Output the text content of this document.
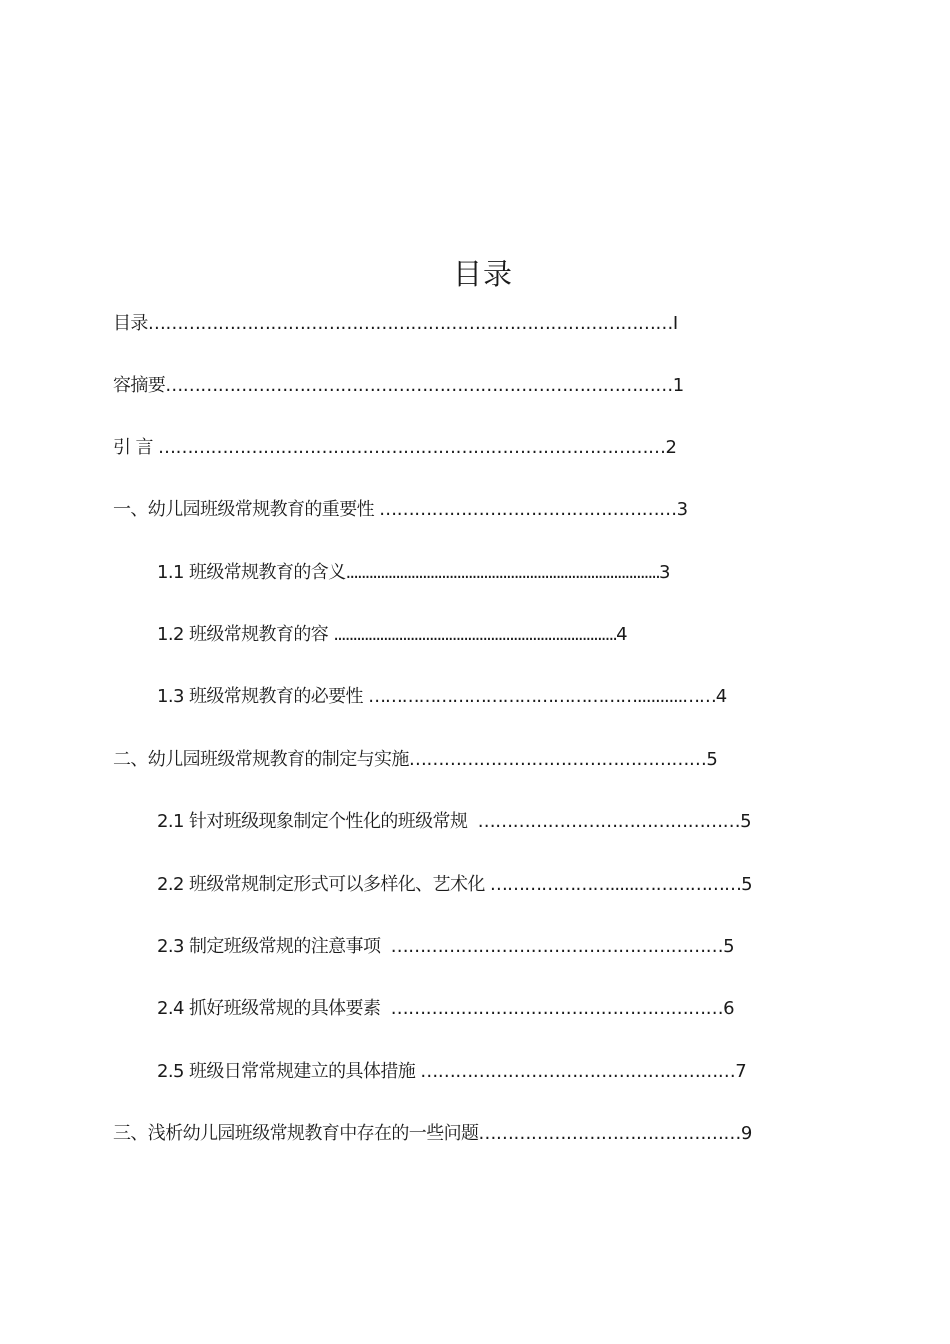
目录
目录 ……………………………………………………………………………… I
容摘要 …………………………………………………………………………… 1
引 言 …………………………………………………………………………… 2
一、幼儿园班级常规教育的重要性 …………………………………………… 3
1.1 班级常规教育的含义 .................................................................................. 3
1.2 班级常规教育的容 .......................................................................... 4
1.3 班级常规教育的必要性 …………………………………………..........…… 4
二、幼儿园班级常规教育的制定与实施 …………………………………………… 5
2.1 针对班级现象制定个性化的班级常规 ……………………………………… 5
2.2 班级常规制定形式可以多样化、艺术化 …………………......……………… 5
2.3 制定班级常规的注意事项 ………………………………………………… 5
2.4 抓好班级常规的具体要素 ………………………………………………… 6
2.5 班级日常常规建立的具体措施 ……………………………………………… 7
三、浅析幼儿园班级常规教育中存在的一些问题 ……………………………………… 9
